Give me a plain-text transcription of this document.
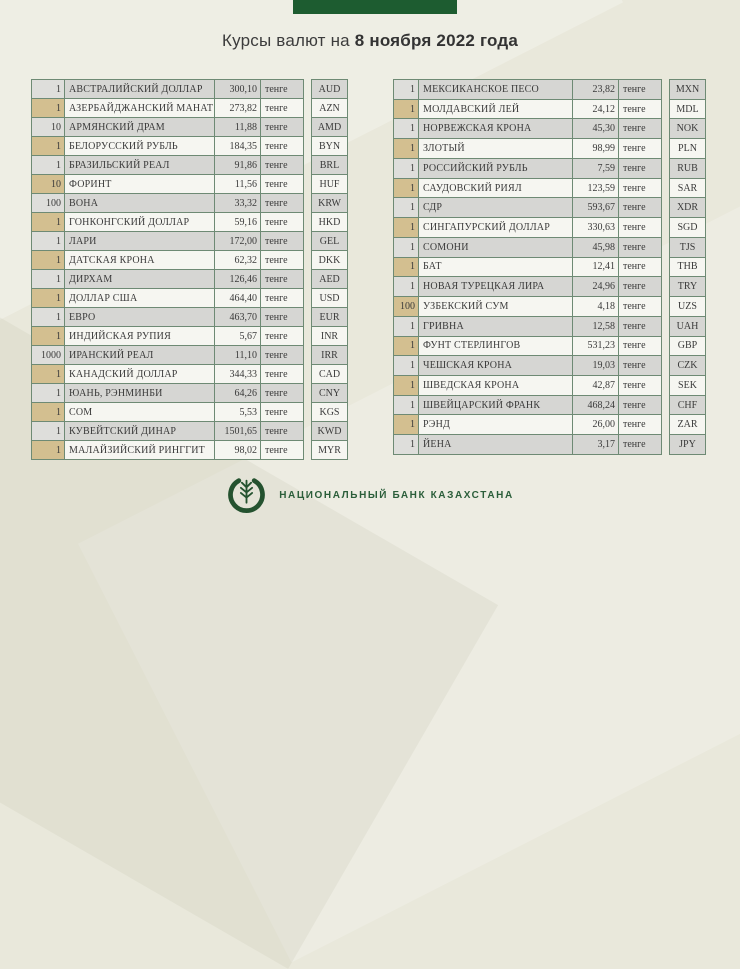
Курсы валют на 8 ноября 2022 года
1 АВСТРАЛИЙСКИЙ ДОЛЛАР	300,10 тенге	AUD
1 АЗЕРБАЙДЖАНСКИЙ МАНАТ	273,82 тенге	AZN
10 АРМЯНСКИЙ ДРАМ	11,88 тенге	AMD
1 БЕЛОРУССКИЙ РУБЛЬ	184,35 тенге	BYN
1 БРАЗИЛЬСКИЙ РЕАЛ	91,86 тенге	BRL
10 ФОРИНТ	11,56 тенге	HUF
100 ВОНА	33,32 тенге	KRW
1 ГОНКОНГСКИЙ ДОЛЛАР	59,16 тенге	HKD
1 ЛАРИ	172,00 тенге	GEL
1 ДАТСКАЯ КРОНА	62,32 тенге	DKK
1 ДИРХАМ	126,46 тенге	AED
1 ДОЛЛАР США	464,40 тенге	USD
1 ЕВРО	463,70 тенге	EUR
1 ИНДИЙСКАЯ РУПИЯ	5,67 тенге	INR
1000 ИРАНСКИЙ РЕАЛ	11,10 тенге	IRR
1 КАНАДСКИЙ ДОЛЛАР	344,33 тенге	CAD
1 ЮАНЬ, РЭНМИНБИ	64,26 тенге	CNY
1 СОМ	5,53 тенге	KGS
1 КУВЕЙТСКИЙ ДИНАР	1501,65 тенге	KWD
1 МАЛАЙЗИЙСКИЙ РИНГГИТ	98,02 тенге	MYR
1 МЕКСИКАНСКОЕ ПЕСО	23,82 тенге	MXN
1 МОЛДАВСКИЙ ЛЕЙ	24,12 тенге	MDL
1 НОРВЕЖСКАЯ КРОНА	45,30 тенге	NOK
1 ЗЛОТЫЙ	98,99 тенге	PLN
1 РОССИЙСКИЙ РУБЛЬ	7,59 тенге	RUB
1 САУДОВСКИЙ РИЯЛ	123,59 тенге	SAR
1 СДР	593,67 тенге	XDR
1 СИНГАПУРСКИЙ ДОЛЛАР	330,63 тенге	SGD
1 СОМОНИ	45,98 тенге	TJS
1 БАТ	12,41 тенге	THB
1 НОВАЯ ТУРЕЦКАЯ ЛИРА	24,96 тенге	TRY
100 УЗБЕКСКИЙ СУМ	4,18 тенге	UZS
1 ГРИВНА	12,58 тенге	UAH
1 ФУНТ СТЕРЛИНГОВ	531,23 тенге	GBP
1 ЧЕШСКАЯ КРОНА	19,03 тенге	CZK
1 ШВЕДСКАЯ КРОНА	42,87 тенге	SEK
1 ШВЕЙЦАРСКИЙ ФРАНК	468,24 тенге	CHF
1 РЭНД	26,00 тенге	ZAR
1 ЙЕНА	3,17 тенге	JPY
НАЦИОНАЛЬНЫЙ БАНК КАЗАХСТАНА
